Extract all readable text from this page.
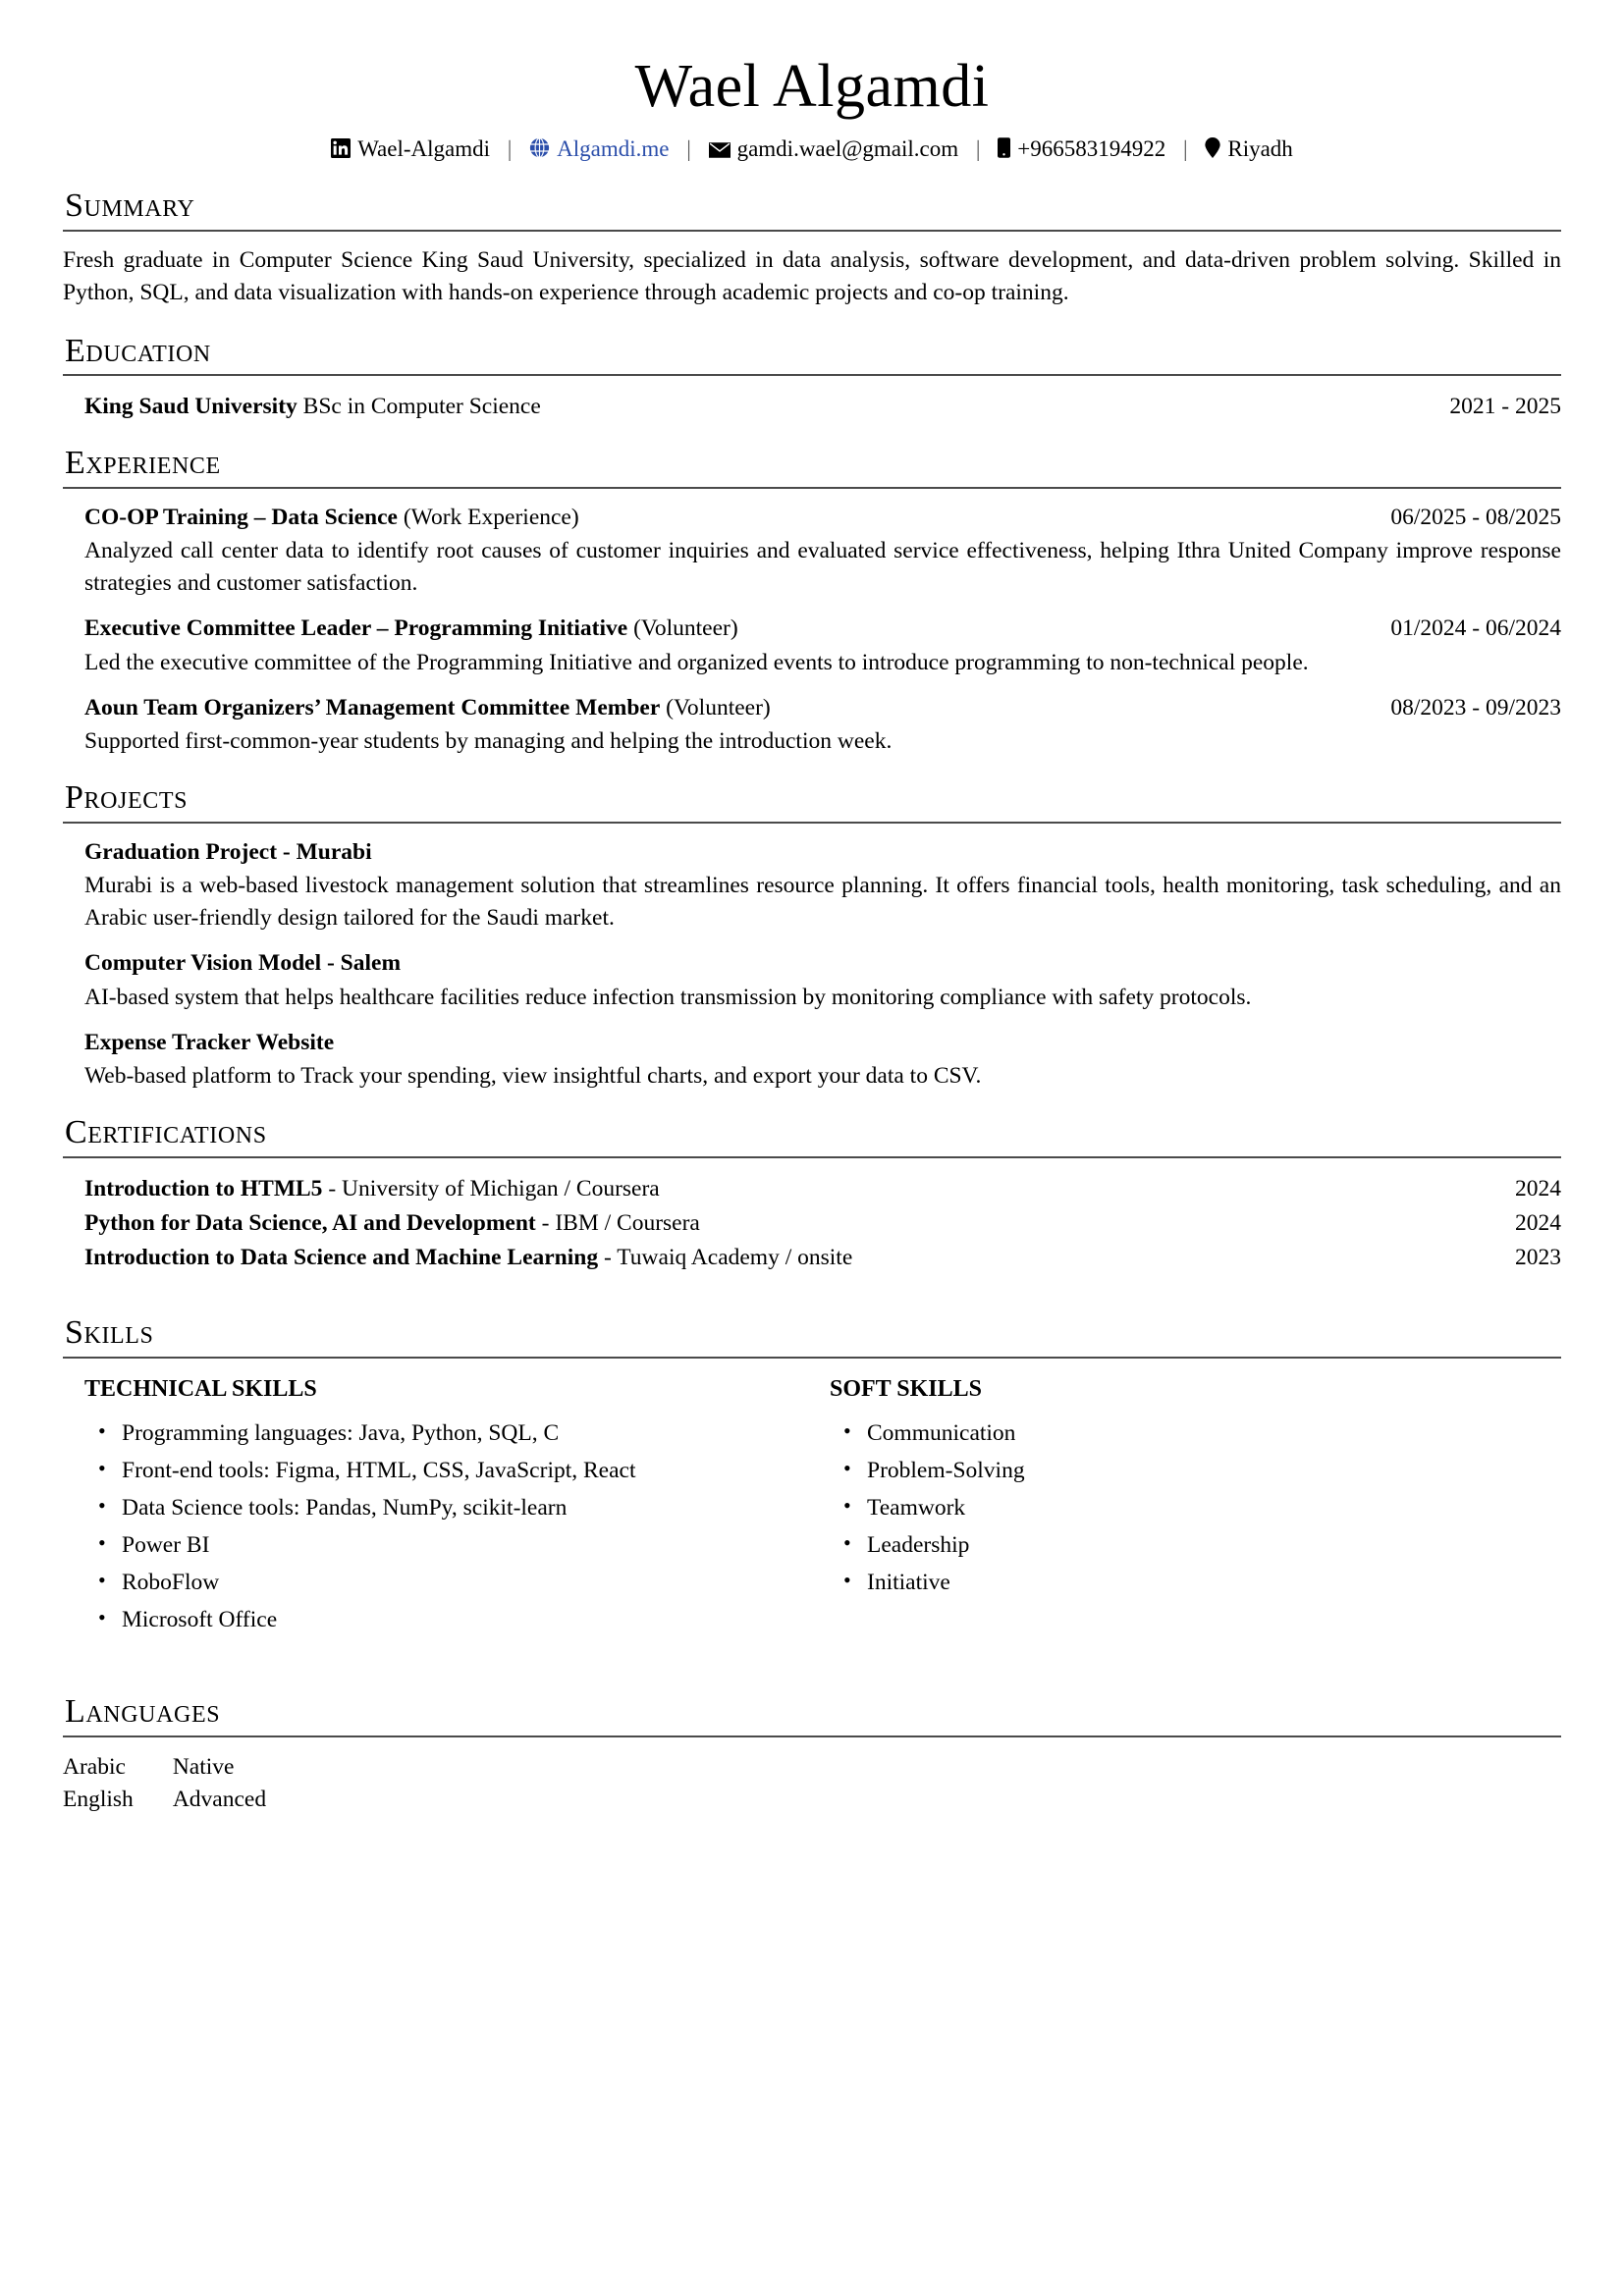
Wael Algamdi
Wael-Algamdi | Algamdi.me | gamdi.wael@gmail.com | +966583194922 | Riyadh
Summary

Fresh graduate in Computer Science King Saud University, specialized in data analysis, software development, and data-driven problem solving. Skilled in Python, SQL, and data visualization with hands-on experience through academic projects and co-op training.

Education
King Saud University BSc in Computer Science	2021 - 2025
Experience
CO-OP Training – Data Science (Work Experience)	06/2025 - 08/2025
Analyzed call center data to identify root causes of customer inquiries and evaluated service effectiveness, helping Ithra United Company improve response strategies and customer satisfaction.
Executive Committee Leader – Programming Initiative (Volunteer)	01/2024 - 06/2024
Led the executive committee of the Programming Initiative and organized events to introduce programming to non-technical people.
Aoun Team Organizers’ Management Committee Member (Volunteer)	08/2023 - 09/2023
Supported first-common-year students by managing and helping the introduction week.
Projects
Graduation Project - Murabi
Murabi is a web-based livestock management solution that streamlines resource planning. It offers financial tools, health monitoring, task scheduling, and an Arabic user-friendly design tailored for the Saudi market.
Computer Vision Model - Salem
AI-based system that helps healthcare facilities reduce infection transmission by monitoring compliance with safety protocols.
Expense Tracker Website
Web-based platform to Track your spending, view insightful charts, and export your data to CSV.
Certifications
Introduction to HTML5 - University of Michigan / Coursera	2024
Python for Data Science, AI and Development - IBM / Coursera	2024
Introduction to Data Science and Machine Learning - Tuwaiq Academy / onsite	2023
Skills
TECHNICAL SKILLS
• Programming languages: Java, Python, SQL, C
• Front-end tools: Figma, HTML, CSS, JavaScript, React
• Data Science tools: Pandas, NumPy, scikit-learn
• Power BI
• RoboFlow
• Microsoft Office
SOFT SKILLS
• Communication
• Problem-Solving
• Teamwork
• Leadership
• Initiative
Languages
Arabic	Native
English	Advanced
